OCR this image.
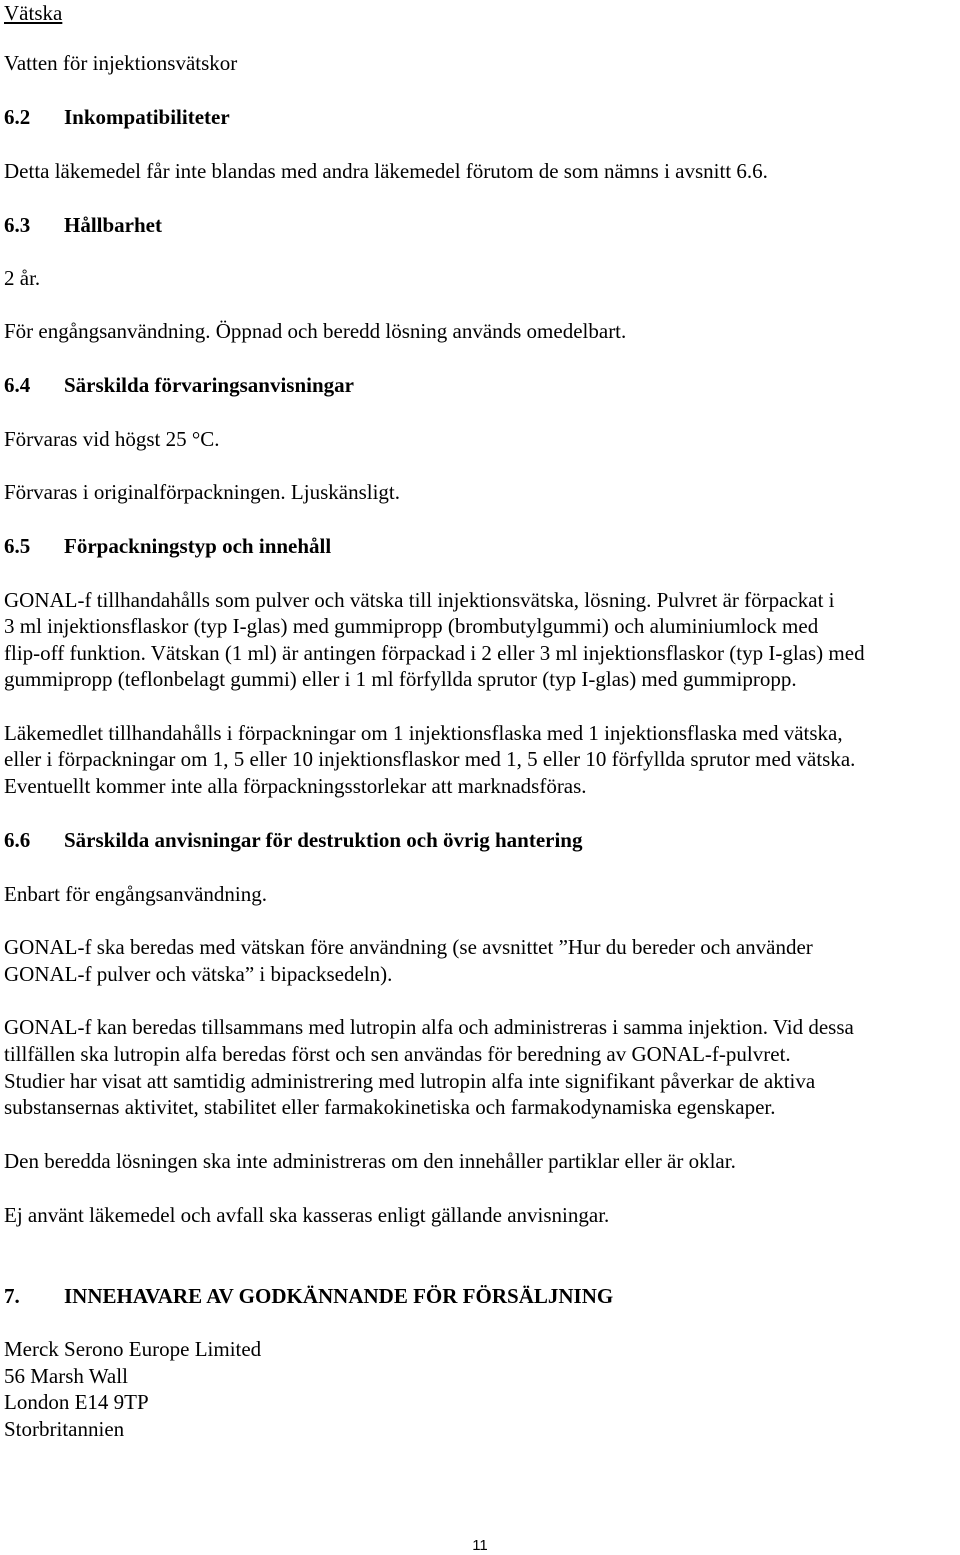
Vätska
Vatten för injektionsvätskor
6.2 Inkompatibiliteter
Detta läkemedel får inte blandas med andra läkemedel förutom de som nämns i avsnitt 6.6.
6.3 Hållbarhet
2 år.
För engångsanvändning. Öppnad och beredd lösning används omedelbart.
6.4 Särskilda förvaringsanvisningar
Förvaras vid högst 25 °C.
Förvaras i originalförpackningen. Ljuskänsligt.
6.5 Förpackningstyp och innehåll
GONAL-f tillhandahålls som pulver och vätska till injektionsvätska, lösning. Pulvret är förpackat i
3 ml injektionsflaskor (typ I-glas) med gummipropp (brombutylgummi) och aluminiumlock med
flip-off funktion. Vätskan (1 ml) är antingen förpackad i 2 eller 3 ml injektionsflaskor (typ I-glas) med
gummipropp (teflonbelagt gummi) eller i 1 ml förfyllda sprutor (typ I-glas) med gummipropp.
Läkemedlet tillhandahålls i förpackningar om 1 injektionsflaska med 1 injektionsflaska med vätska,
eller i förpackningar om 1, 5 eller 10 injektionsflaskor med 1, 5 eller 10 förfyllda sprutor med vätska.
Eventuellt kommer inte alla förpackningsstorlekar att marknadsföras.
6.6 Särskilda anvisningar för destruktion och övrig hantering
Enbart för engångsanvändning.
GONAL-f ska beredas med vätskan före användning (se avsnittet ”Hur du bereder och använder
GONAL-f pulver och vätska” i bipacksedeln).
GONAL-f kan beredas tillsammans med lutropin alfa och administreras i samma injektion. Vid dessa
tillfällen ska lutropin alfa beredas först och sen användas för beredning av GONAL-f-pulvret.
Studier har visat att samtidig administrering med lutropin alfa inte signifikant påverkar de aktiva
substansernas aktivitet, stabilitet eller farmakokinetiska och farmakodynamiska egenskaper.
Den beredda lösningen ska inte administreras om den innehåller partiklar eller är oklar.
Ej använt läkemedel och avfall ska kasseras enligt gällande anvisningar.
7. INNEHAVARE AV GODKÄNNANDE FÖR FÖRSÄLJNING
Merck Serono Europe Limited
56 Marsh Wall
London E14 9TP
Storbritannien
11
